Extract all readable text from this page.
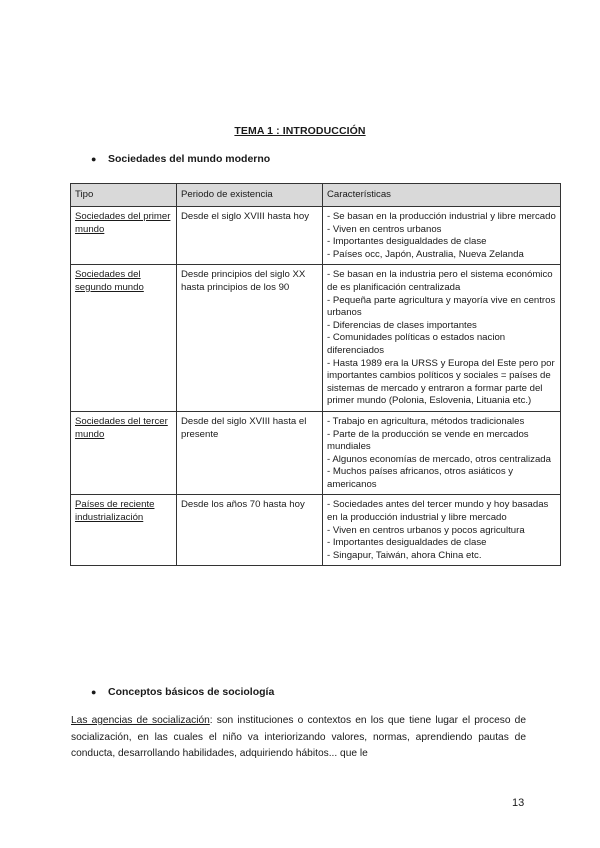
TEMA 1 : INTRODUCCIÓN
● Sociedades del mundo moderno
Tipo	Periodo de existencia	Características
Sociedades del primer mundo	Desde el siglo XVIII hasta hoy	- Se basan en la producción industrial y libre mercado
- Viven en centros urbanos
- Importantes desigualdades de clase
- Países occ, Japón, Australia, Nueva Zelanda

Sociedades del segundo mundo	Desde principios del siglo XX hasta principios de los 90	- Se basan en la industria pero el sistema económico de es planificación centralizada
- Pequeña parte agricultura y mayoría vive en centros urbanos
- Diferencias de clases importantes
- Comunidades políticas o estados nacion diferenciados
- Hasta 1989 era la URSS y Europa del Este pero por importantes cambios políticos y sociales = países de sistemas de mercado y entraron a formar parte del primer mundo (Polonia, Eslovenia, Lituania etc.)

Sociedades del tercer mundo	Desde del siglo XVIII hasta el presente	- Trabajo en agricultura, métodos tradicionales
- Parte de la producción se vende en mercados mundiales
- Algunos economías de mercado, otros centralizada
- Muchos países africanos, otros asiáticos y americanos

Países de reciente industrialización	Desde los años 70 hasta hoy	- Sociedades antes del tercer mundo y hoy basadas en la producción industrial y libre mercado
- Viven en centros urbanos y pocos agricultura
- Importantes desigualdades de clase
- Singapur, Taiwán, ahora China etc.
● Conceptos básicos de sociología
Las agencias de socialización: son instituciones o contextos en los que tiene lugar el proceso de socialización, en las cuales el niño va interiorizando valores, normas, aprendiendo pautas de conducta, desarrollando habilidades, adquiriendo hábitos... que le
13
